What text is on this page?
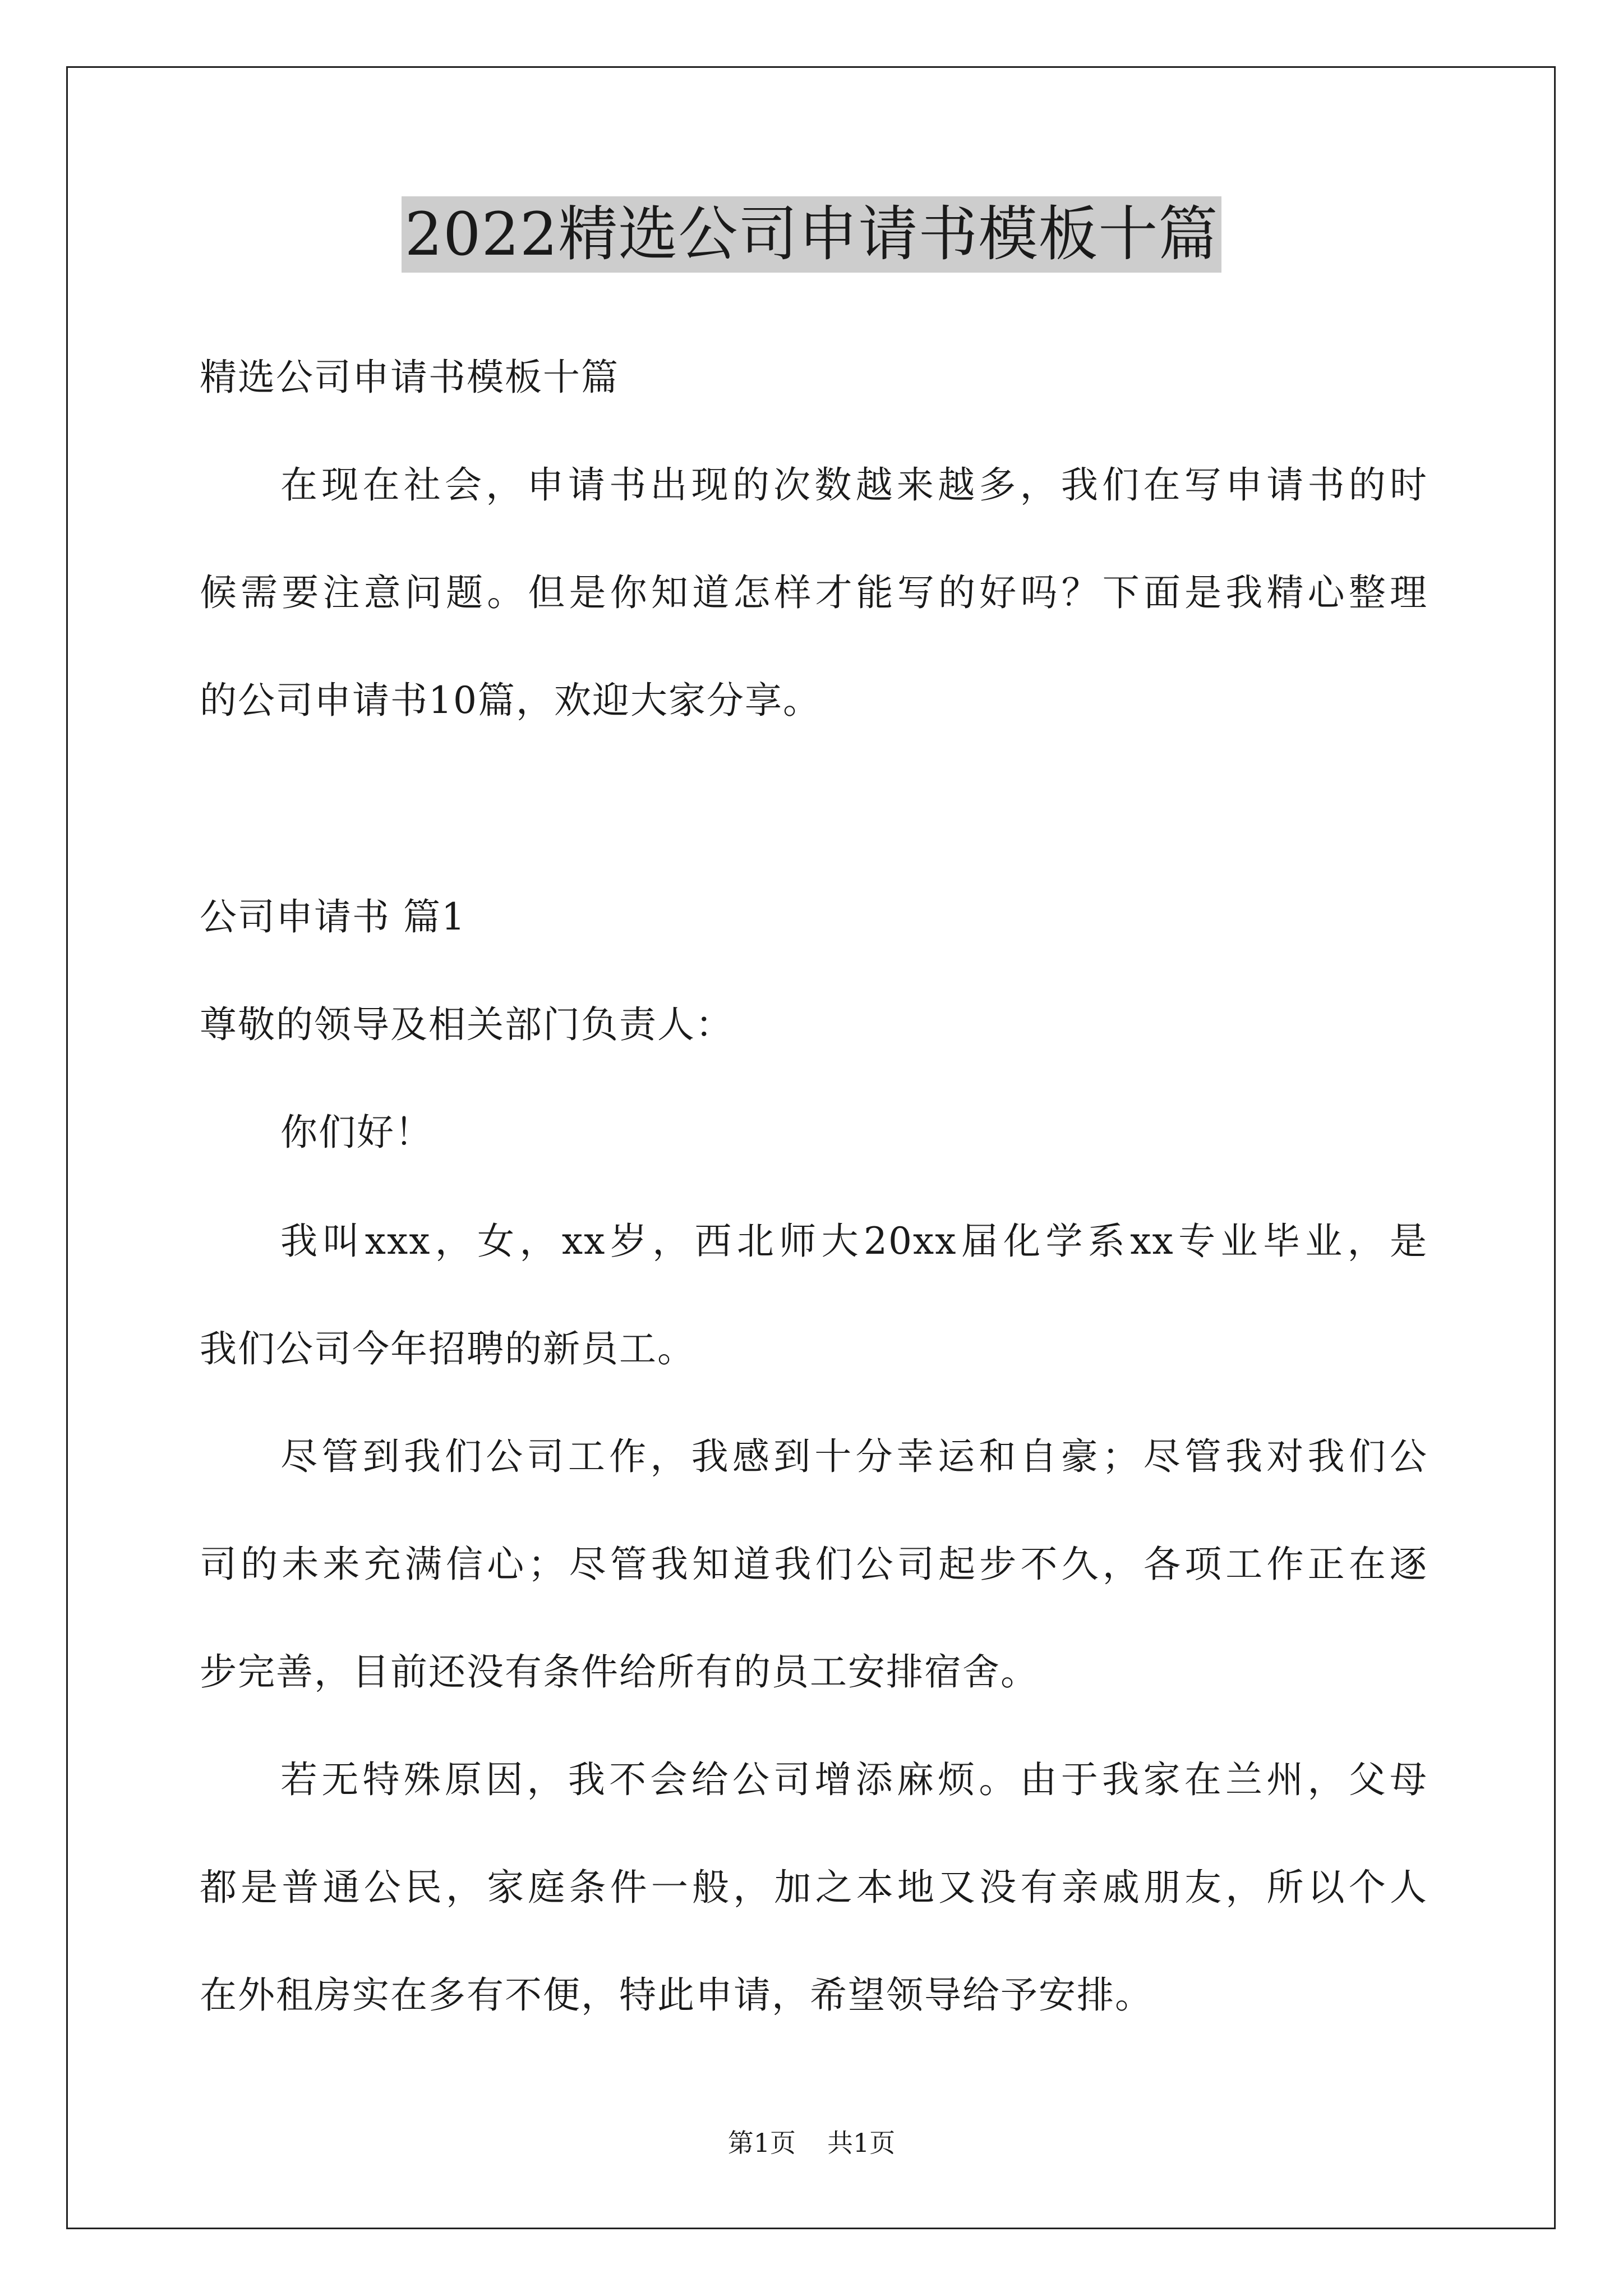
2022精选公司申请书模板十篇
精选公司申请书模板十篇
在现在社会，申请书出现的次数越来越多，我们在写申请书的时
候需要注意问题。但是你知道怎样才能写的好吗？下面是我精心整理
的公司申请书10篇，欢迎大家分享。
公司申请书 篇1
尊敬的领导及相关部门负责人：
你们好！
我叫xxx，女，xx岁，西北师大20xx届化学系xx专业毕业，是
我们公司今年招聘的新员工。
尽管到我们公司工作，我感到十分幸运和自豪；尽管我对我们公
司的未来充满信心；尽管我知道我们公司起步不久，各项工作正在逐
步完善，目前还没有条件给所有的员工安排宿舍。
若无特殊原因，我不会给公司增添麻烦。由于我家在兰州，父母
都是普通公民，家庭条件一般，加之本地又没有亲戚朋友，所以个人
在外租房实在多有不便，特此申请，希望领导给予安排。
第1页 共1页
